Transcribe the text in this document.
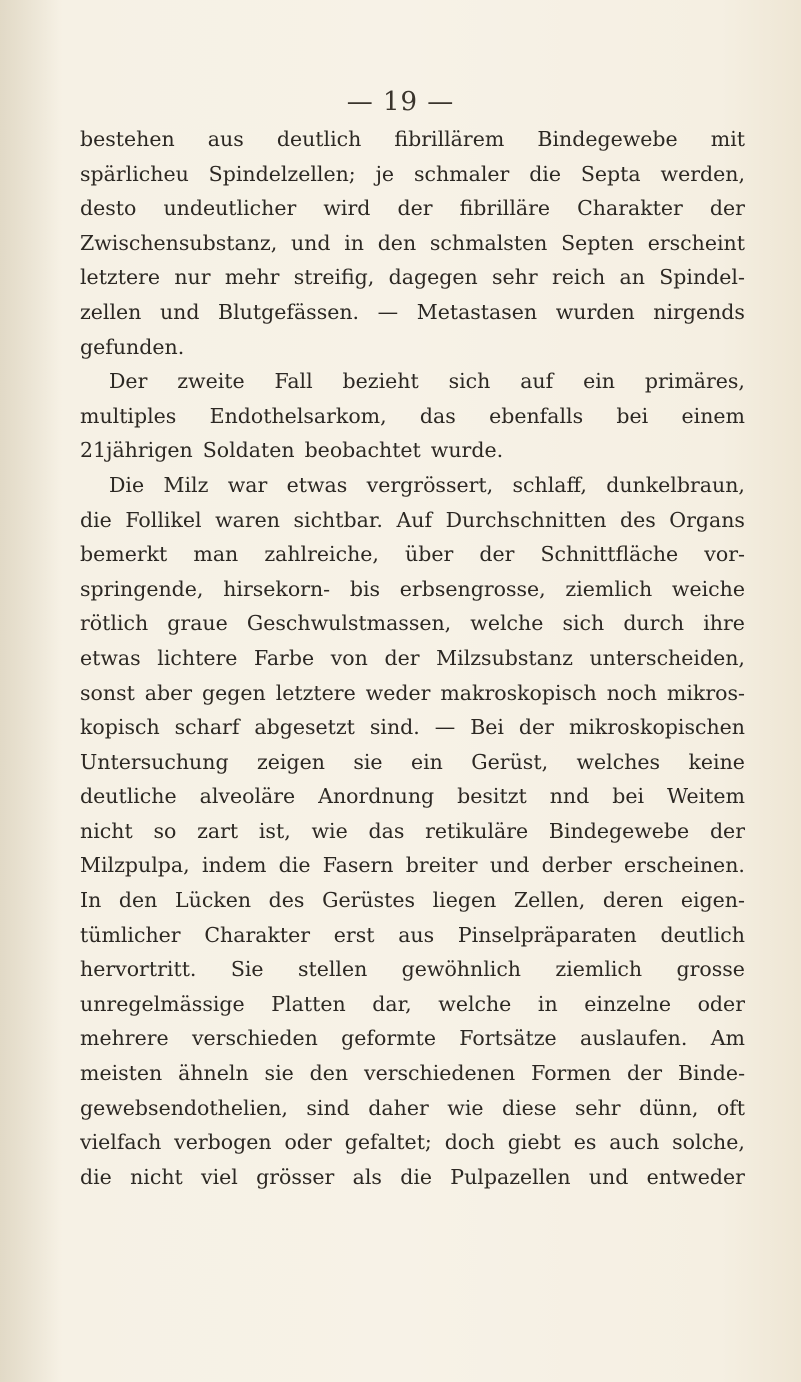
— 19 —
bestehen aus deutlich fibrillärem Bindegewebe mit
spärlicheu Spindelzellen; je schmaler die Septa werden,
desto undeutlicher wird der fibrilläre Charakter der
Zwischensubstanz, und in den schmalsten Septen erscheint
letztere nur mehr streifig, dagegen sehr reich an Spindel-
zellen und Blutgefässen. — Metastasen wurden nirgends
gefunden.
Der zweite Fall bezieht sich auf ein primäres,
multiples Endothelsarkom, das ebenfalls bei einem
21jährigen Soldaten beobachtet wurde.
Die Milz war etwas vergrössert, schlaff, dunkelbraun,
die Follikel waren sichtbar. Auf Durchschnitten des Organs
bemerkt man zahlreiche, über der Schnittfläche vor-
springende, hirsekorn- bis erbsengrosse, ziemlich weiche
rötlich graue Geschwulstmassen, welche sich durch ihre
etwas lichtere Farbe von der Milzsubstanz unterscheiden,
sonst aber gegen letztere weder makroskopisch noch mikros-
kopisch scharf abgesetzt sind. — Bei der mikroskopischen
Untersuchung zeigen sie ein Gerüst, welches keine
deutliche alveoläre Anordnung besitzt nnd bei Weitem
nicht so zart ist, wie das retikuläre Bindegewebe der
Milzpulpa, indem die Fasern breiter und derber erscheinen.
In den Lücken des Gerüstes liegen Zellen, deren eigen-
tümlicher Charakter erst aus Pinselpräparaten deutlich
hervortritt. Sie stellen gewöhnlich ziemlich grosse
unregelmässige Platten dar, welche in einzelne oder
mehrere verschieden geformte Fortsätze auslaufen. Am
meisten ähneln sie den verschiedenen Formen der Binde-
gewebsendothelien, sind daher wie diese sehr dünn, oft
vielfach verbogen oder gefaltet; doch giebt es auch solche,
die nicht viel grösser als die Pulpazellen und entweder
